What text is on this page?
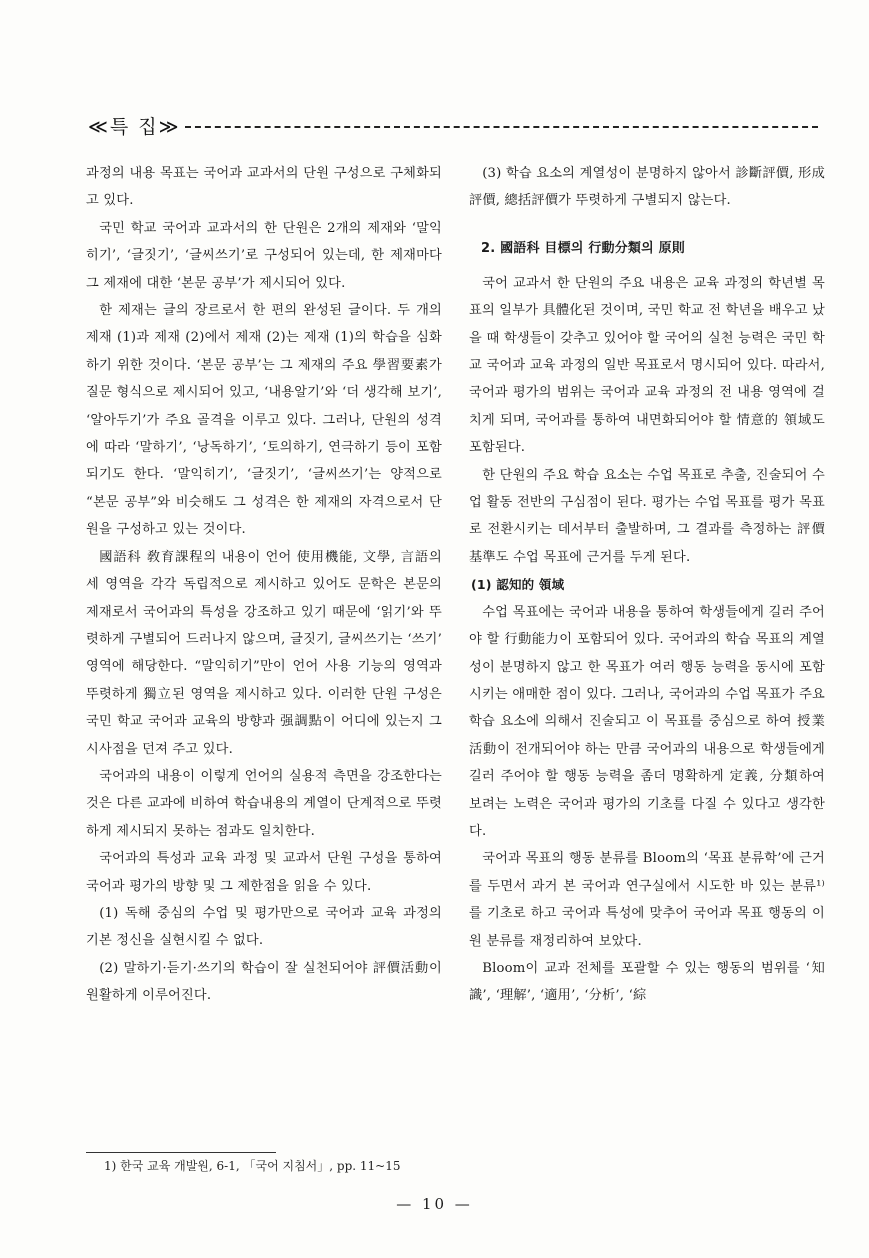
≪특 집≫

과정의 내용 목표는 국어과 교과서의 단원 구성으로 구체화되고 있다.

국민 학교 국어과 교과서의 한 단원은 2개의 제재와 ‘말익히기’, ‘글짓기’, ‘글씨쓰기’로 구성되어 있는데, 한 제재마다 그 제재에 대한 ‘본문 공부’가 제시되어 있다.

한 제재는 글의 장르로서 한 편의 완성된 글이다. 두 개의 제재 (1)과 제재 (2)에서 제재 (2)는 제재 (1)의 학습을 심화하기 위한 것이다. ‘본문 공부’는 그 제재의 주요 學習要素가 질문 형식으로 제시되어 있고, ‘내용알기’와 ‘더 생각해 보기’, ‘알아두기’가 주요 골격을 이루고 있다. 그러나, 단원의 성격에 따라 ‘말하기’, ‘낭독하기’, ‘토의하기, 연극하기 등이 포함되기도 한다. ‘말익히기’, ‘글짓기’, ‘글씨쓰기’는 양적으로 “본문 공부”와 비슷해도 그 성격은 한 제재의 자격으로서 단원을 구성하고 있는 것이다.

國語科 敎育課程의 내용이 언어 使用機能, 文學, 言語의 세 영역을 각각 독립적으로 제시하고 있어도 문학은 본문의 제재로서 국어과의 특성을 강조하고 있기 때문에 ‘읽기’와 뚜렷하게 구별되어 드러나지 않으며, 글짓기, 글씨쓰기는 ‘쓰기’ 영역에 해당한다. “말익히기”만이 언어 사용 기능의 영역과 뚜렷하게 獨立된 영역을 제시하고 있다. 이러한 단원 구성은 국민 학교 국어과 교육의 방향과 强調點이 어디에 있는지 그 시사점을 던져 주고 있다.

국어과의 내용이 이렇게 언어의 실용적 측면을 강조한다는 것은 다른 교과에 비하여 학습내용의 계열이 단계적으로 뚜렷하게 제시되지 못하는 점과도 일치한다.

국어과의 특성과 교육 과정 및 교과서 단원 구성을 통하여 국어과 평가의 방향 및 그 제한점을 읽을 수 있다.

(1) 독해 중심의 수업 및 평가만으로 국어과 교육 과정의 기본 정신을 실현시킬 수 없다.

(2) 말하기·듣기·쓰기의 학습이 잘 실천되어야 評價活動이 원활하게 이루어진다.

(3) 학습 요소의 계열성이 분명하지 않아서 診斷評價, 形成評價, 總括評價가 뚜렷하게 구별되지 않는다.

2. 國語科 目標의 行動分類의 原則

국어 교과서 한 단원의 주요 내용은 교육 과정의 학년별 목표의 일부가 具體化된 것이며, 국민 학교 전 학년을 배우고 났을 때 학생들이 갖추고 있어야 할 국어의 실천 능력은 국민 학교 국어과 교육 과정의 일반 목표로서 명시되어 있다. 따라서, 국어과 평가의 범위는 국어과 교육 과정의 전 내용 영역에 걸치게 되며, 국어과를 통하여 내면화되어야 할 情意的 領域도 포함된다.

한 단원의 주요 학습 요소는 수업 목표로 추출, 진술되어 수업 활동 전반의 구심점이 된다. 평가는 수업 목표를 평가 목표로 전환시키는 데서부터 출발하며, 그 결과를 측정하는 評價基準도 수업 목표에 근거를 두게 된다.

(1) 認知的 領域

수업 목표에는 국어과 내용을 통하여 학생들에게 길러 주어야 할 行動能力이 포함되어 있다. 국어과의 학습 목표의 계열성이 분명하지 않고 한 목표가 여러 행동 능력을 동시에 포함시키는 애매한 점이 있다. 그러나, 국어과의 수업 목표가 주요 학습 요소에 의해서 진술되고 이 목표를 중심으로 하여 授業活動이 전개되어야 하는 만큼 국어과의 내용으로 학생들에게 길러 주어야 할 행동 능력을 좀더 명확하게 定義, 分類하여 보려는 노력은 국어과 평가의 기초를 다질 수 있다고 생각한다.

국어과 목표의 행동 분류를 Bloom의 ‘목표 분류학’에 근거를 두면서 과거 본 국어과 연구실에서 시도한 바 있는 분류¹⁾를 기초로 하고 국어과 특성에 맞추어 국어과 목표 행동의 이원 분류를 재정리하여 보았다.

Bloom이 교과 전체를 포괄할 수 있는 행동의 범위를 ‘知識’, ‘理解’, ‘適用’, ‘分析’, ‘綜

1) 한국 교육 개발원, 6-1, 「국어 지침서」, pp. 11~15
— 10 —
